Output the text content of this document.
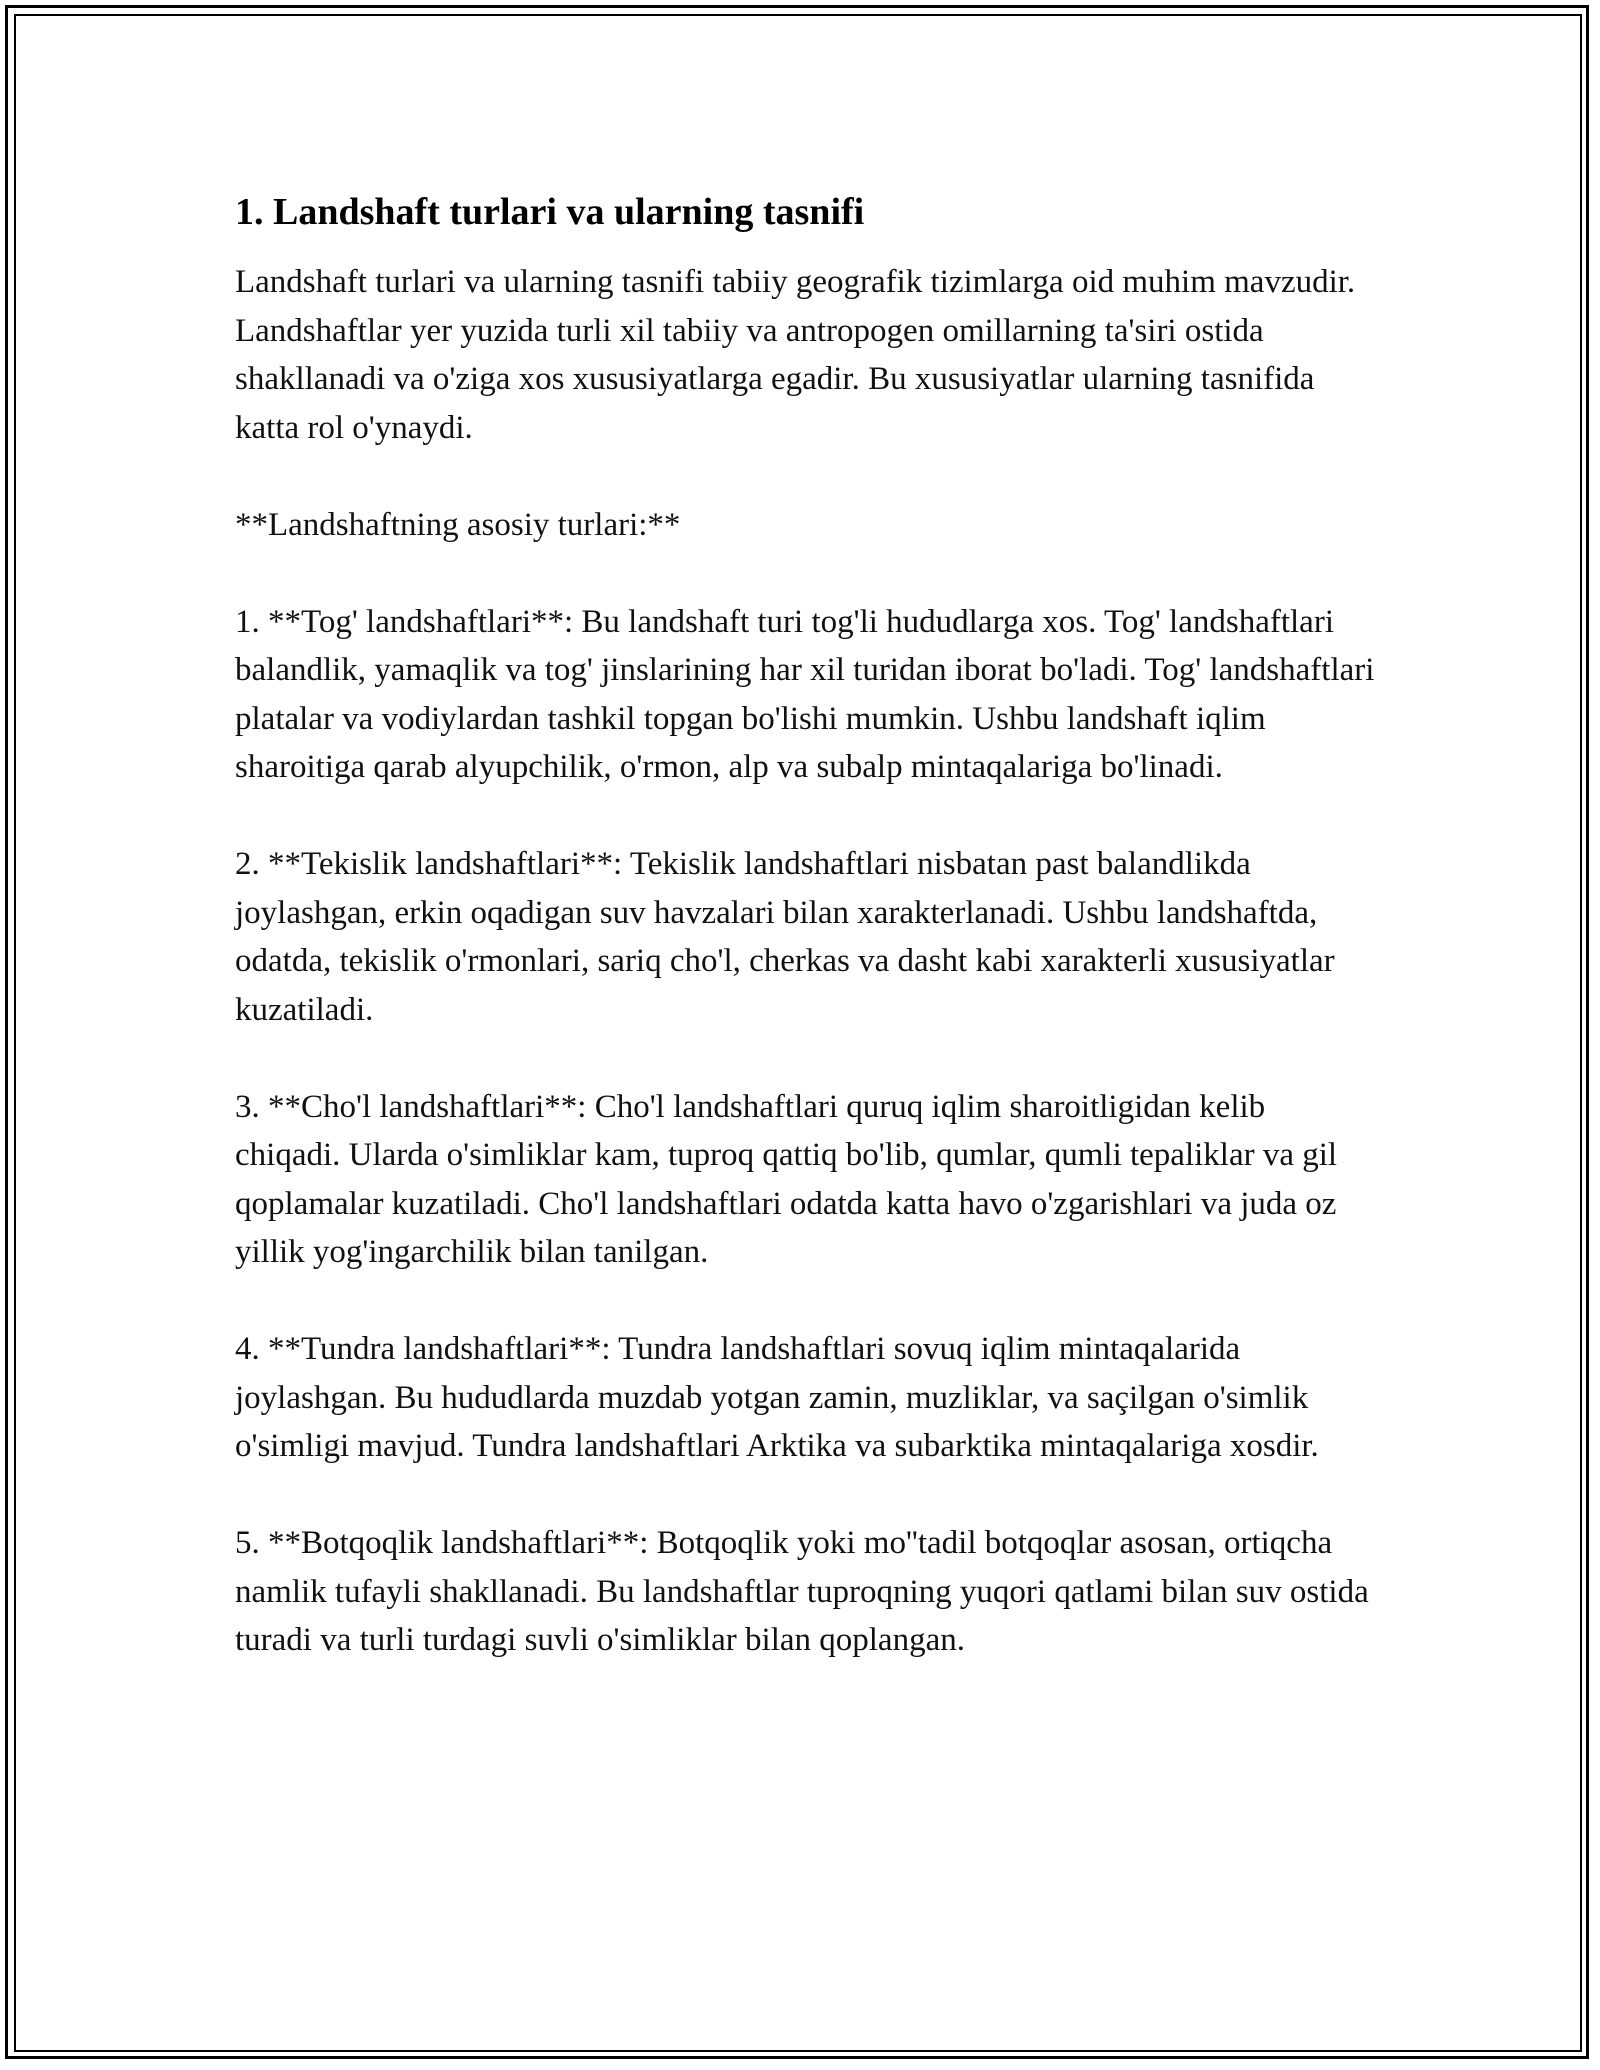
1. Landshaft turlari va ularning tasnifi

Landshaft turlari va ularning tasnifi tabiiy geografik tizimlarga oid muhim mavzudir. Landshaftlar yer yuzida turli xil tabiiy va antropogen omillarning ta'siri ostida shakllanadi va o'ziga xos xususiyatlarga egadir. Bu xususiyatlar ularning tasnifida katta rol o'ynaydi.

**Landshaftning asosiy turlari:**

1. **Tog' landshaftlari**: Bu landshaft turi tog'li hududlarga xos. Tog' landshaftlari balandlik, yamaqlik va tog' jinslarining har xil turidan iborat bo'ladi. Tog' landshaftlari platalar va vodiylardan tashkil topgan bo'lishi mumkin. Ushbu landshaft iqlim sharoitiga qarab alyupchilik, o'rmon, alp va subalp mintaqalariga bo'linadi.

2. **Tekislik landshaftlari**: Tekislik landshaftlari nisbatan past balandlikda joylashgan, erkin oqadigan suv havzalari bilan xarakterlanadi. Ushbu landshaftda, odatda, tekislik o'rmonlari, sariq cho'l, cherkas va dasht kabi xarakterli xususiyatlar kuzatiladi.

3. **Cho'l landshaftlari**: Cho'l landshaftlari quruq iqlim sharoitligidan kelib chiqadi. Ularda o'simliklar kam, tuproq qattiq bo'lib, qumlar, qumli tepaliklar va gil qoplamalar kuzatiladi. Cho'l landshaftlari odatda katta havo o'zgarishlari va juda oz yillik yog'ingarchilik bilan tanilgan.

4. **Tundra landshaftlari**: Tundra landshaftlari sovuq iqlim mintaqalarida joylashgan. Bu hududlarda muzdab yotgan zamin, muzliklar, va saçilgan o'simlik o'simligi mavjud. Tundra landshaftlari Arktika va subarktika mintaqalariga xosdir.

5. **Botqoqlik landshaftlari**: Botqoqlik yoki mo''tadil botqoqlar asosan, ortiqcha namlik tufayli shakllanadi. Bu landshaftlar tuproqning yuqori qatlami bilan suv ostida turadi va turli turdagi suvli o'simliklar bilan qoplangan.
